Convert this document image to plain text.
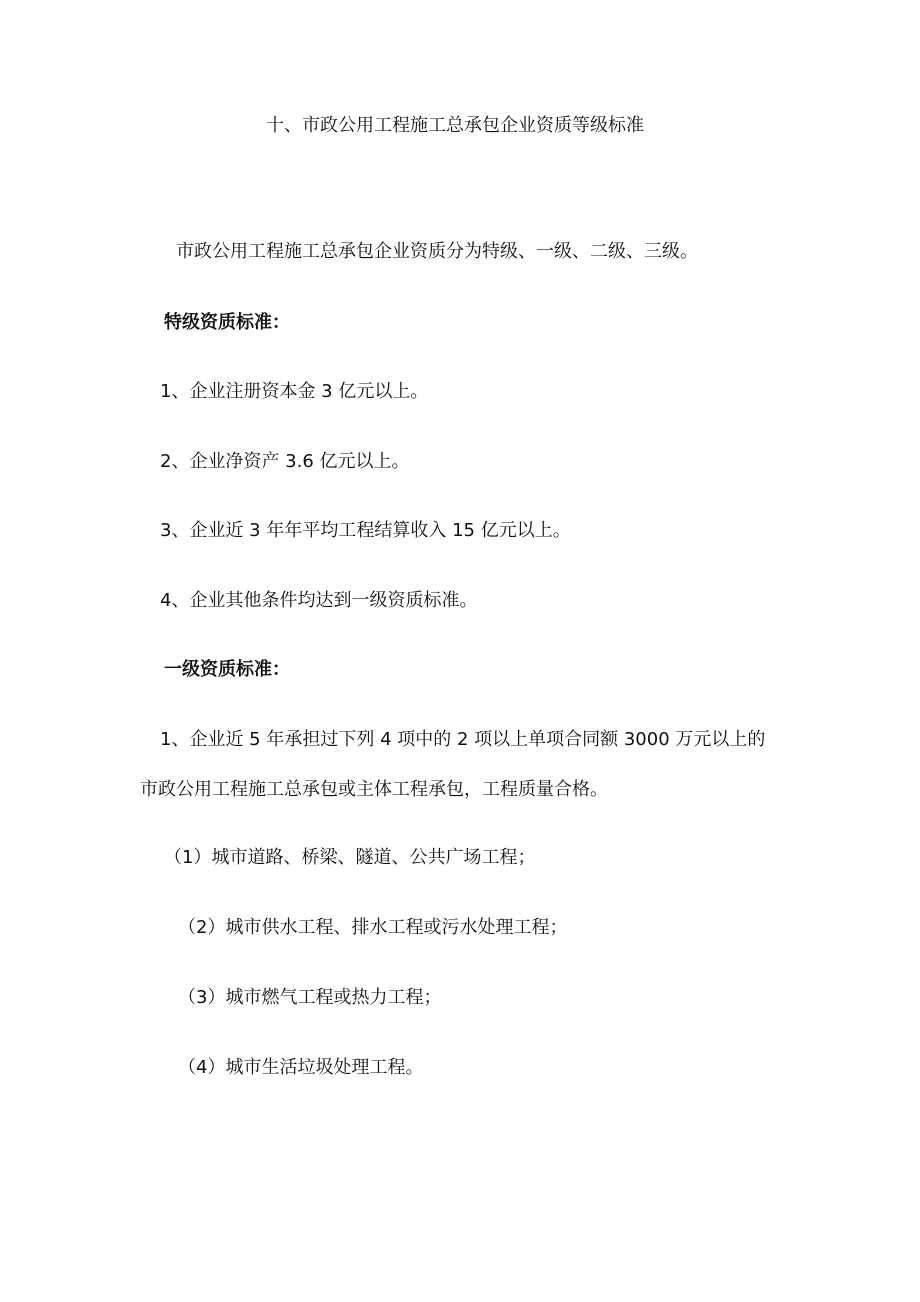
十、市政公用工程施工总承包企业资质等级标准
市政公用工程施工总承包企业资质分为特级、一级、二级、三级。
特级资质标准：
1、企业注册资本金 3 亿元以上。
2、企业净资产 3.6 亿元以上。
3、企业近 3 年年平均工程结算收入 15 亿元以上。
4、企业其他条件均达到一级资质标准。
一级资质标准：
1、企业近 5 年承担过下列 4 项中的 2 项以上单项合同额 3000 万元以上的
市政公用工程施工总承包或主体工程承包，工程质量合格。
（1）城市道路、桥梁、隧道、公共广场工程；
（2）城市供水工程、排水工程或污水处理工程；
（3）城市燃气工程或热力工程；
（4）城市生活垃圾处理工程。
